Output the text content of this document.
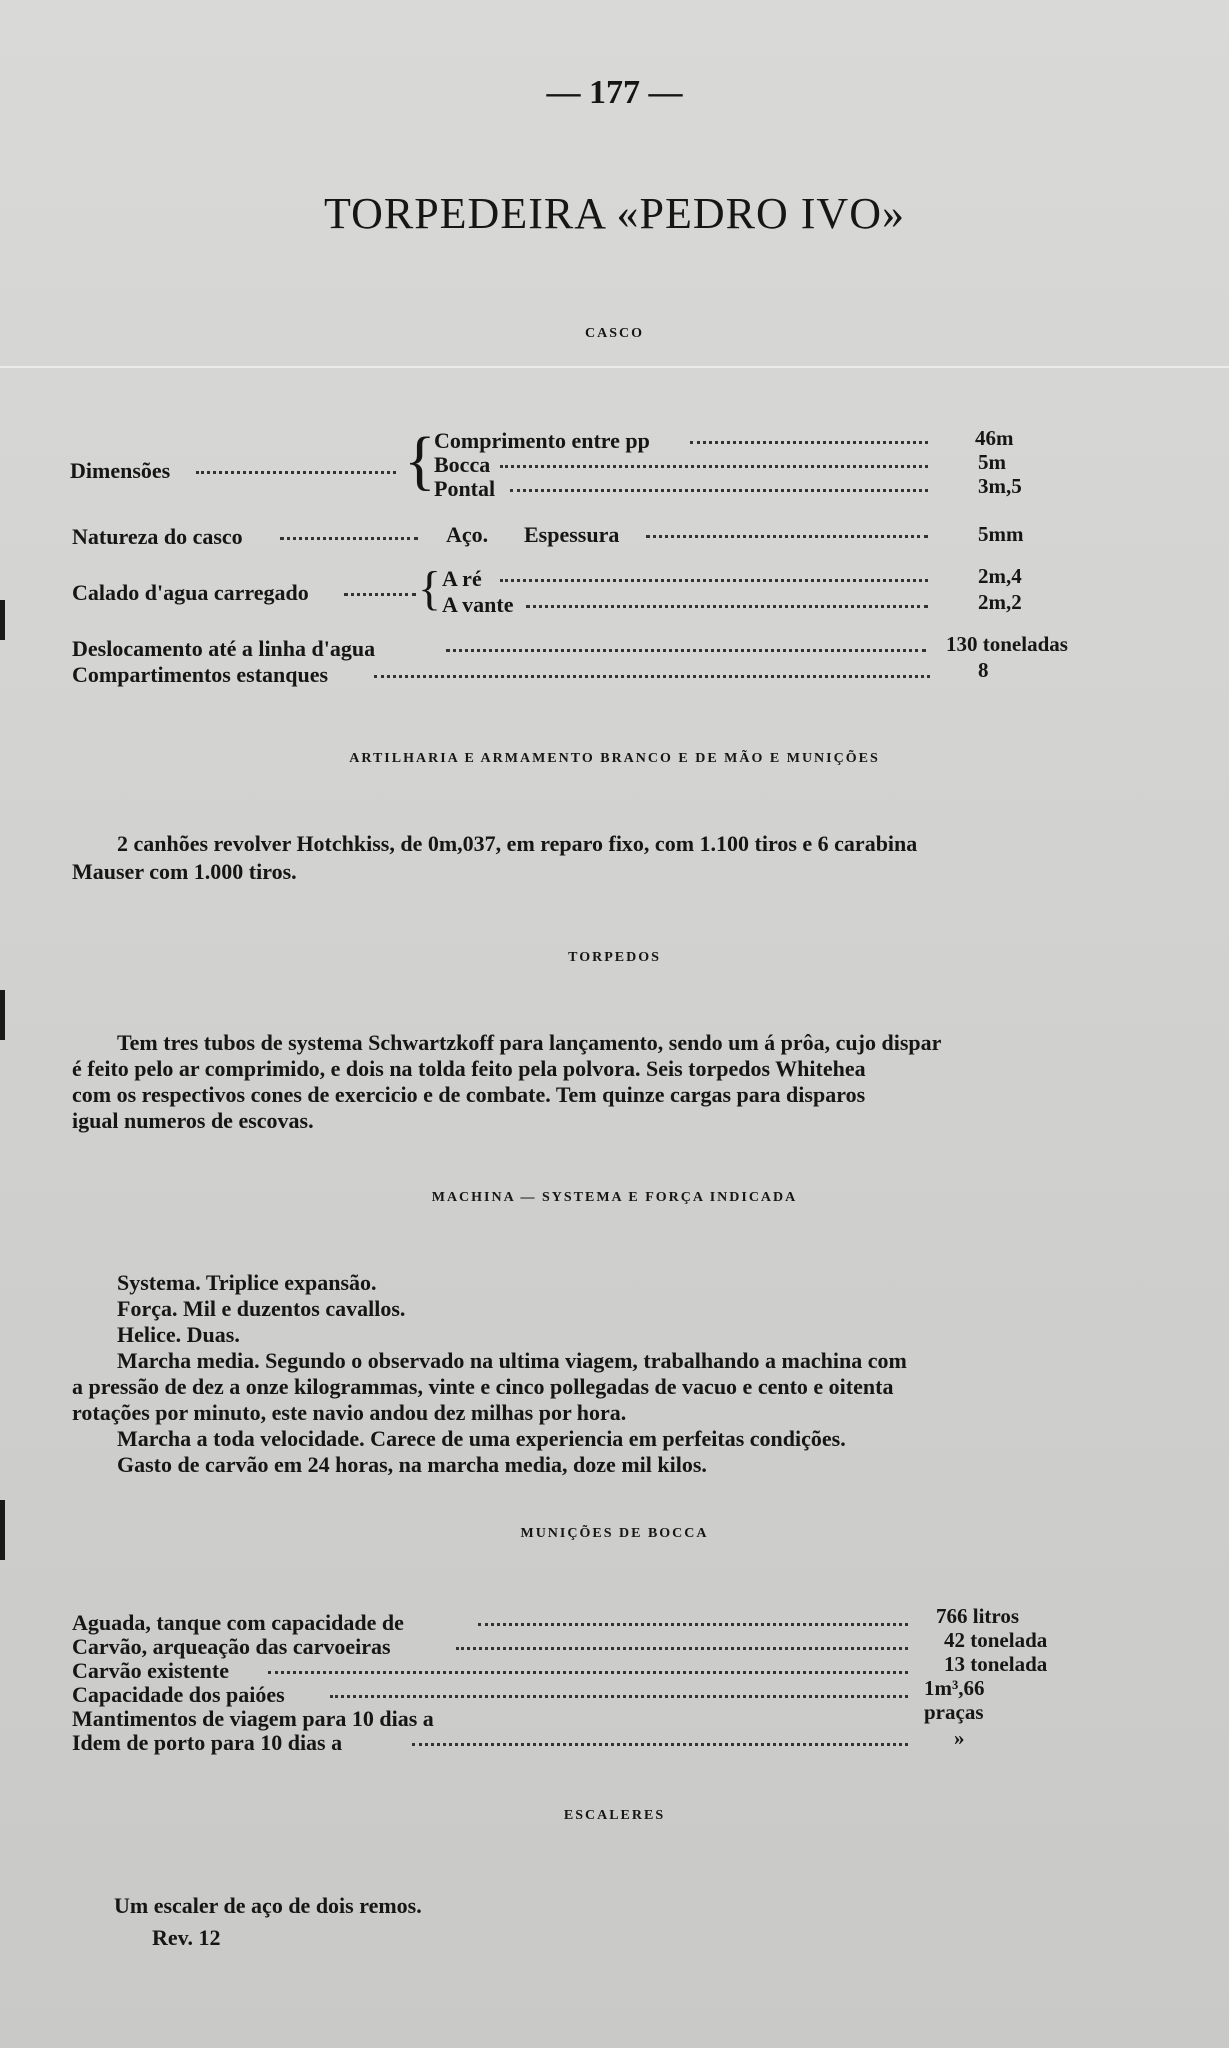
— 177 —
TORPEDEIRA «PEDRO IVO»
CASCO
Dimensões	{
Comprimento entre pp	46m
Bocca	5m
Pontal	3m,5
Natureza do casco	Aço. Espessura	5mm
Calado d'agua carregado { A ré	2m,4
A vante	2m,2
Deslocamento até a linha d'agua	130 toneladas
Compartimentos estanques	8
ARTILHARIA E ARMAMENTO BRANCO E DE MÃO E MUNIÇÕES

2 canhões revolver Hotchkiss, de 0m,037, em reparo fixo, com 1.100 tiros e 6 carabina

Mauser com 1.000 tiros.

TORPEDOS

Tem tres tubos de systema Schwartzkoff para lançamento, sendo um á prôa, cujo dispar

é feito pelo ar comprimido, e dois na tolda feito pela polvora. Seis torpedos Whitehea

com os respectivos cones de exercicio e de combate. Tem quinze cargas para disparos

igual numeros de escovas.

MACHINA — SYSTEMA E FORÇA INDICADA

Systema. Triplice expansão.

Força. Mil e duzentos cavallos.

Helice. Duas.

Marcha media. Segundo o observado na ultima viagem, trabalhando a machina com

a pressão de dez a onze kilogrammas, vinte e cinco pollegadas de vacuo e cento e oitenta

rotações por minuto, este navio andou dez milhas por hora.

Marcha a toda velocidade. Carece de uma experiencia em perfeitas condições.

Gasto de carvão em 24 horas, na marcha media, doze mil kilos.

MUNIÇÕES DE BOCCA
Aguada, tanque com capacidade de	766 litros
Carvão, arqueação das carvoeiras	42 tonelada
Carvão existente	13 tonelada
Capacidade dos paióes	1m³,66
Mantimentos de viagem para 10 dias a	praças
Idem de porto para 10 dias a	»
ESCALERES
Um escaler de aço de dois remos.
Rev. 12
